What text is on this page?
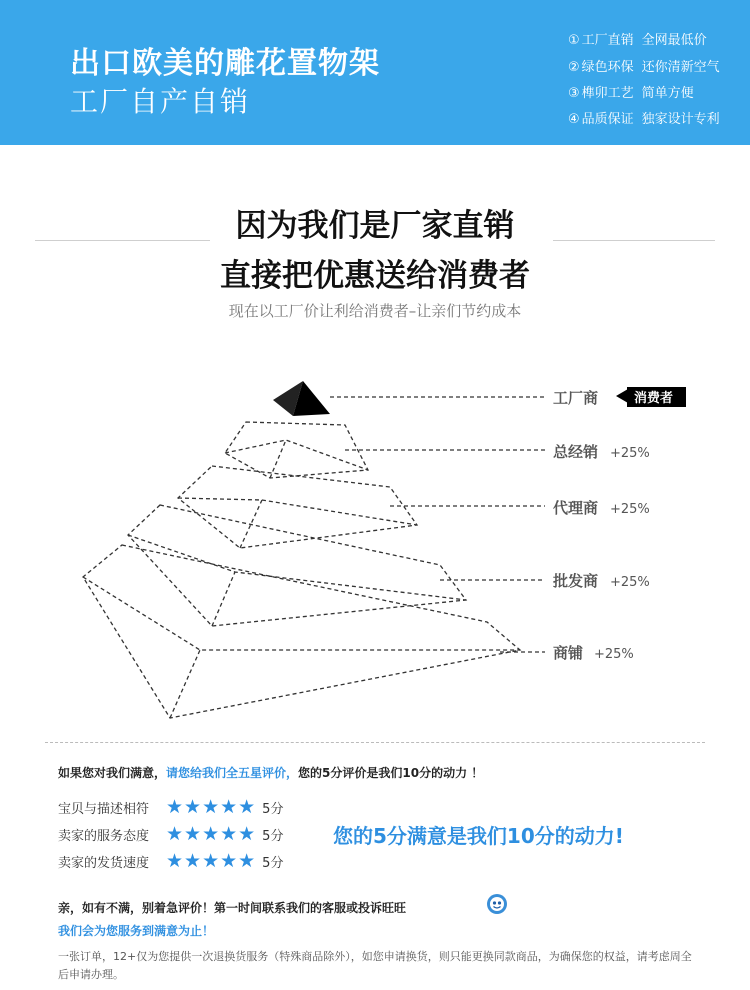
出口欧美的雕花置物架
工厂自产自销
① 工厂直销 全网最低价
② 绿色环保 还你清新空气
③ 榫卯工艺 简单方便
④ 品质保证 独家设计专利
因为我们是厂家直销
直接把优惠送给消费者
现在以工厂价让利给消费者–让亲们节约成本
工厂商	消费者
总经销 +25%
代理商 +25%
批发商 +25%
商铺 +25%
如果您对我们满意，请您给我们全五星评价，您的5分评价是我们10分的动力 ！
宝贝与描述相符 ★★★★★ 5分
卖家的服务态度 ★★★★★ 5分
卖家的发货速度 ★★★★★ 5分
您的5分满意是我们10分的动力!
亲，如有不满，别着急评价！第一时间联系我们的客服或投诉旺旺
我们会为您服务到满意为止！
一张订单，12+仅为您提供一次退换货服务（特殊商品除外），如您申请换货，则只能更换同款商品，为确保您的权益，请考虑周全后申请办理。
